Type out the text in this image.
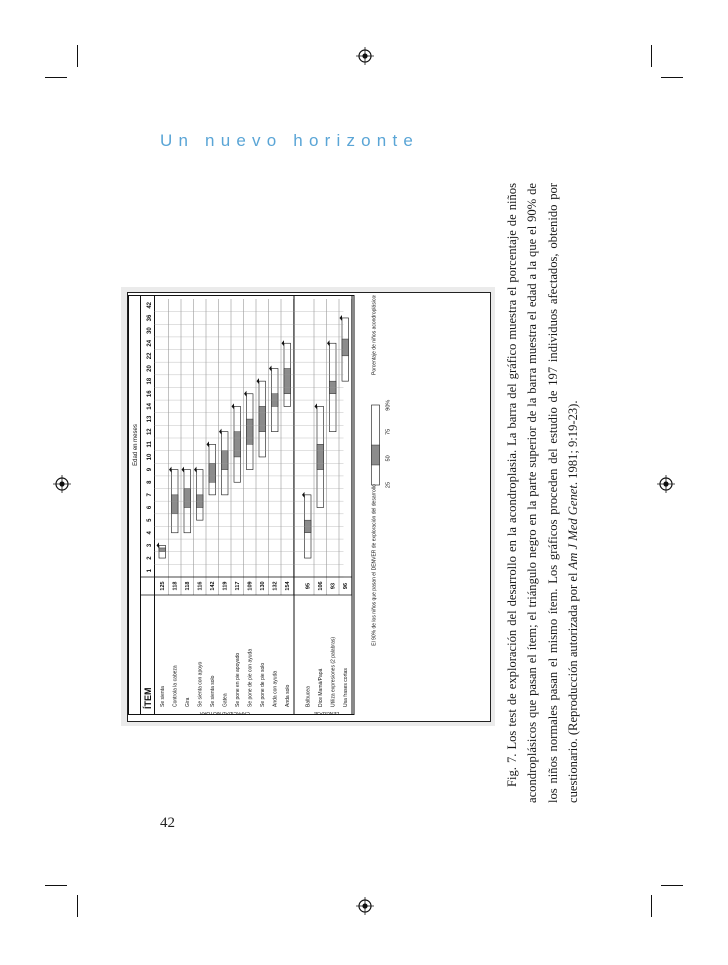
Un nuevo horizonte
Edad en meses
ÍTEM
1
2
3
4
5
6
7
8
9
10
11
12
13
14
16
18
20
22
24
30
36
42
Se sienta
125
Controla la cabeza
118
Gira
118
Se sienta con apoyo
116
Se sienta solo
142
Gatea
119
Se pone en pie apoyado
117
Se pone de pie con ayuda
109
Se pone de pie solo
130
Anda con ayuda
132
Anda solo
154
CAPACIDAD MOTORA
Balbucea
95
Dice Mamá/Papá
106
Utiliza expresiones (2 palabras)
93
Usa frases cortas
96
LENGUAJE
25
50
75
90%
El 90% de los niños que pasan el DENVER de exploración del desarrollo
Porcentaje de niños acondroplásicos que pasan el ítem

Fig. 7. Los test de exploración del desarrollo en la acondroplasia. La barra del gráfico muestra el porcentaje de niños acondroplásicos que pasan el ítem; el triángulo negro en la parte superior de la barra muestra el edad a la que el 90% de los niños normales pasan el mismo ítem. Los gráficos proceden del estudio de 197 individuos afectados, obtenido por cuestionario. (Reproducción autorizada por el Am J Med Genet. 1981; 9:19-23).

42
